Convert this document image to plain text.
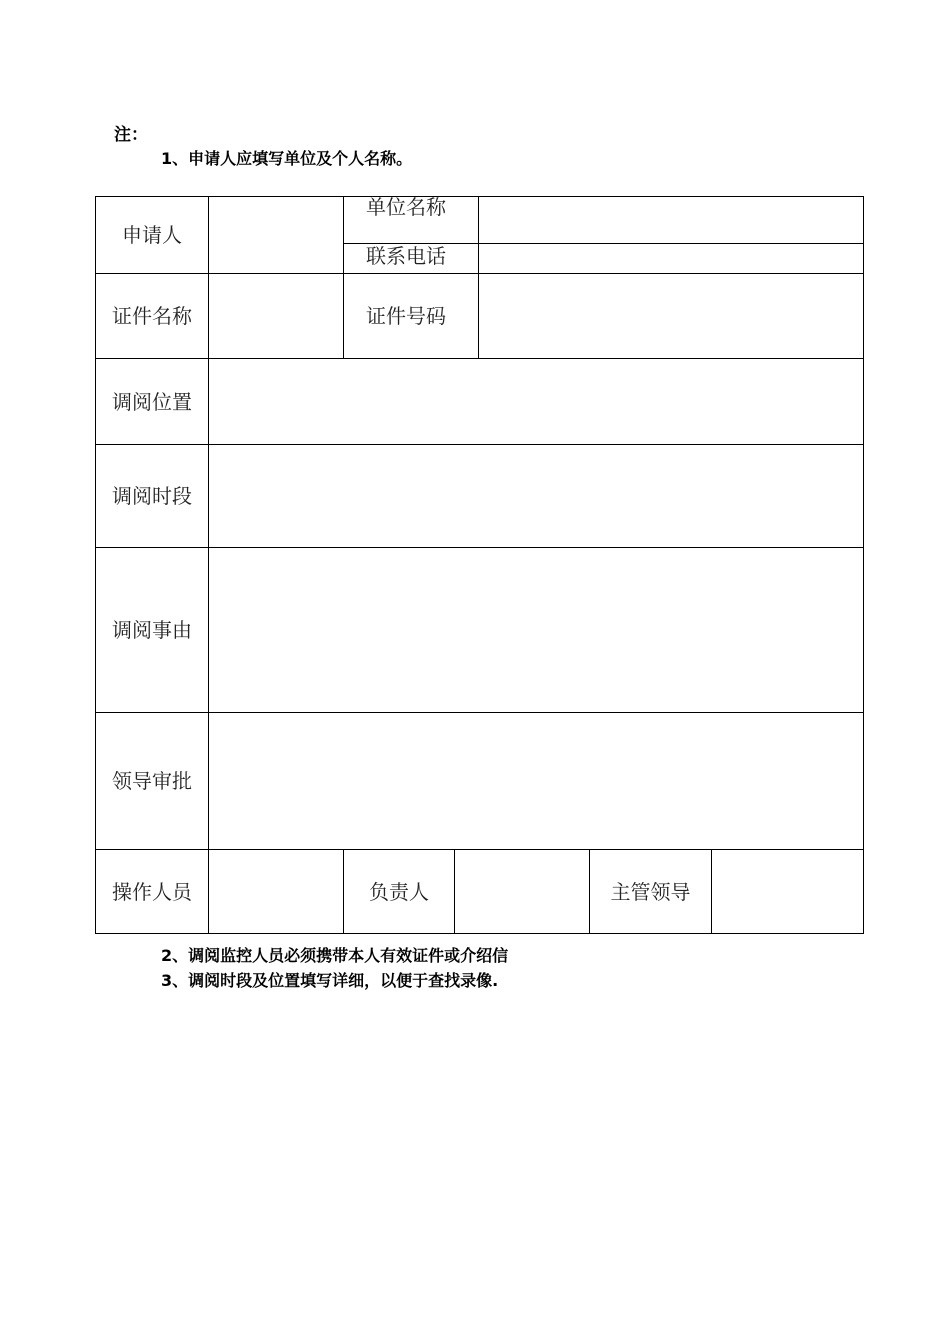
注：
1、申请人应填写单位及个人名称。
申请人
单位名称
联系电话
证件名称	证件号码
调阅位置
调阅时段
调阅事由
领导审批
操作人员	负责人	主管领导
2、调阅监控人员必须携带本人有效证件或介绍信
3、调阅时段及位置填写详细，以便于查找录像.
